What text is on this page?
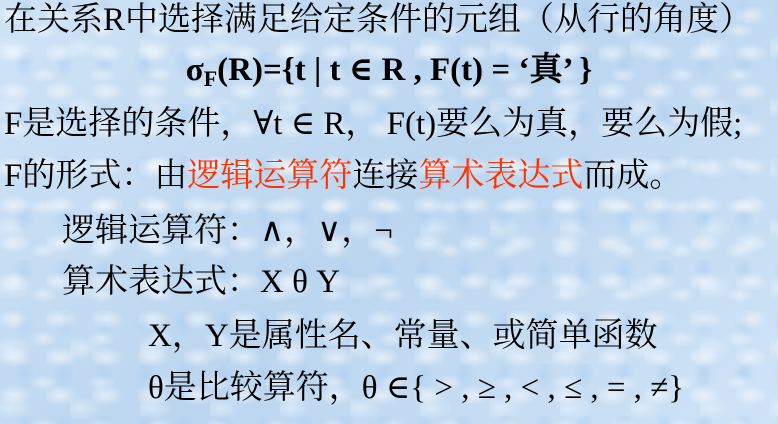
在关系R中选择满足给定条件的元组（从行的角度）
σF(R)={t | t ∈ R , F(t) = ‘真’ }
F是选择的条件，∀t ∈ R， F(t)要么为真，要么为假;
F的形式：由逻辑运算符连接算术表达式而成。
逻辑运算符：∧，∨，¬
算术表达式：X θ Y
X，Y是属性名、常量、或简单函数
θ是比较算符，θ ∈{ > , ≥ , < , ≤ , = , ≠}
